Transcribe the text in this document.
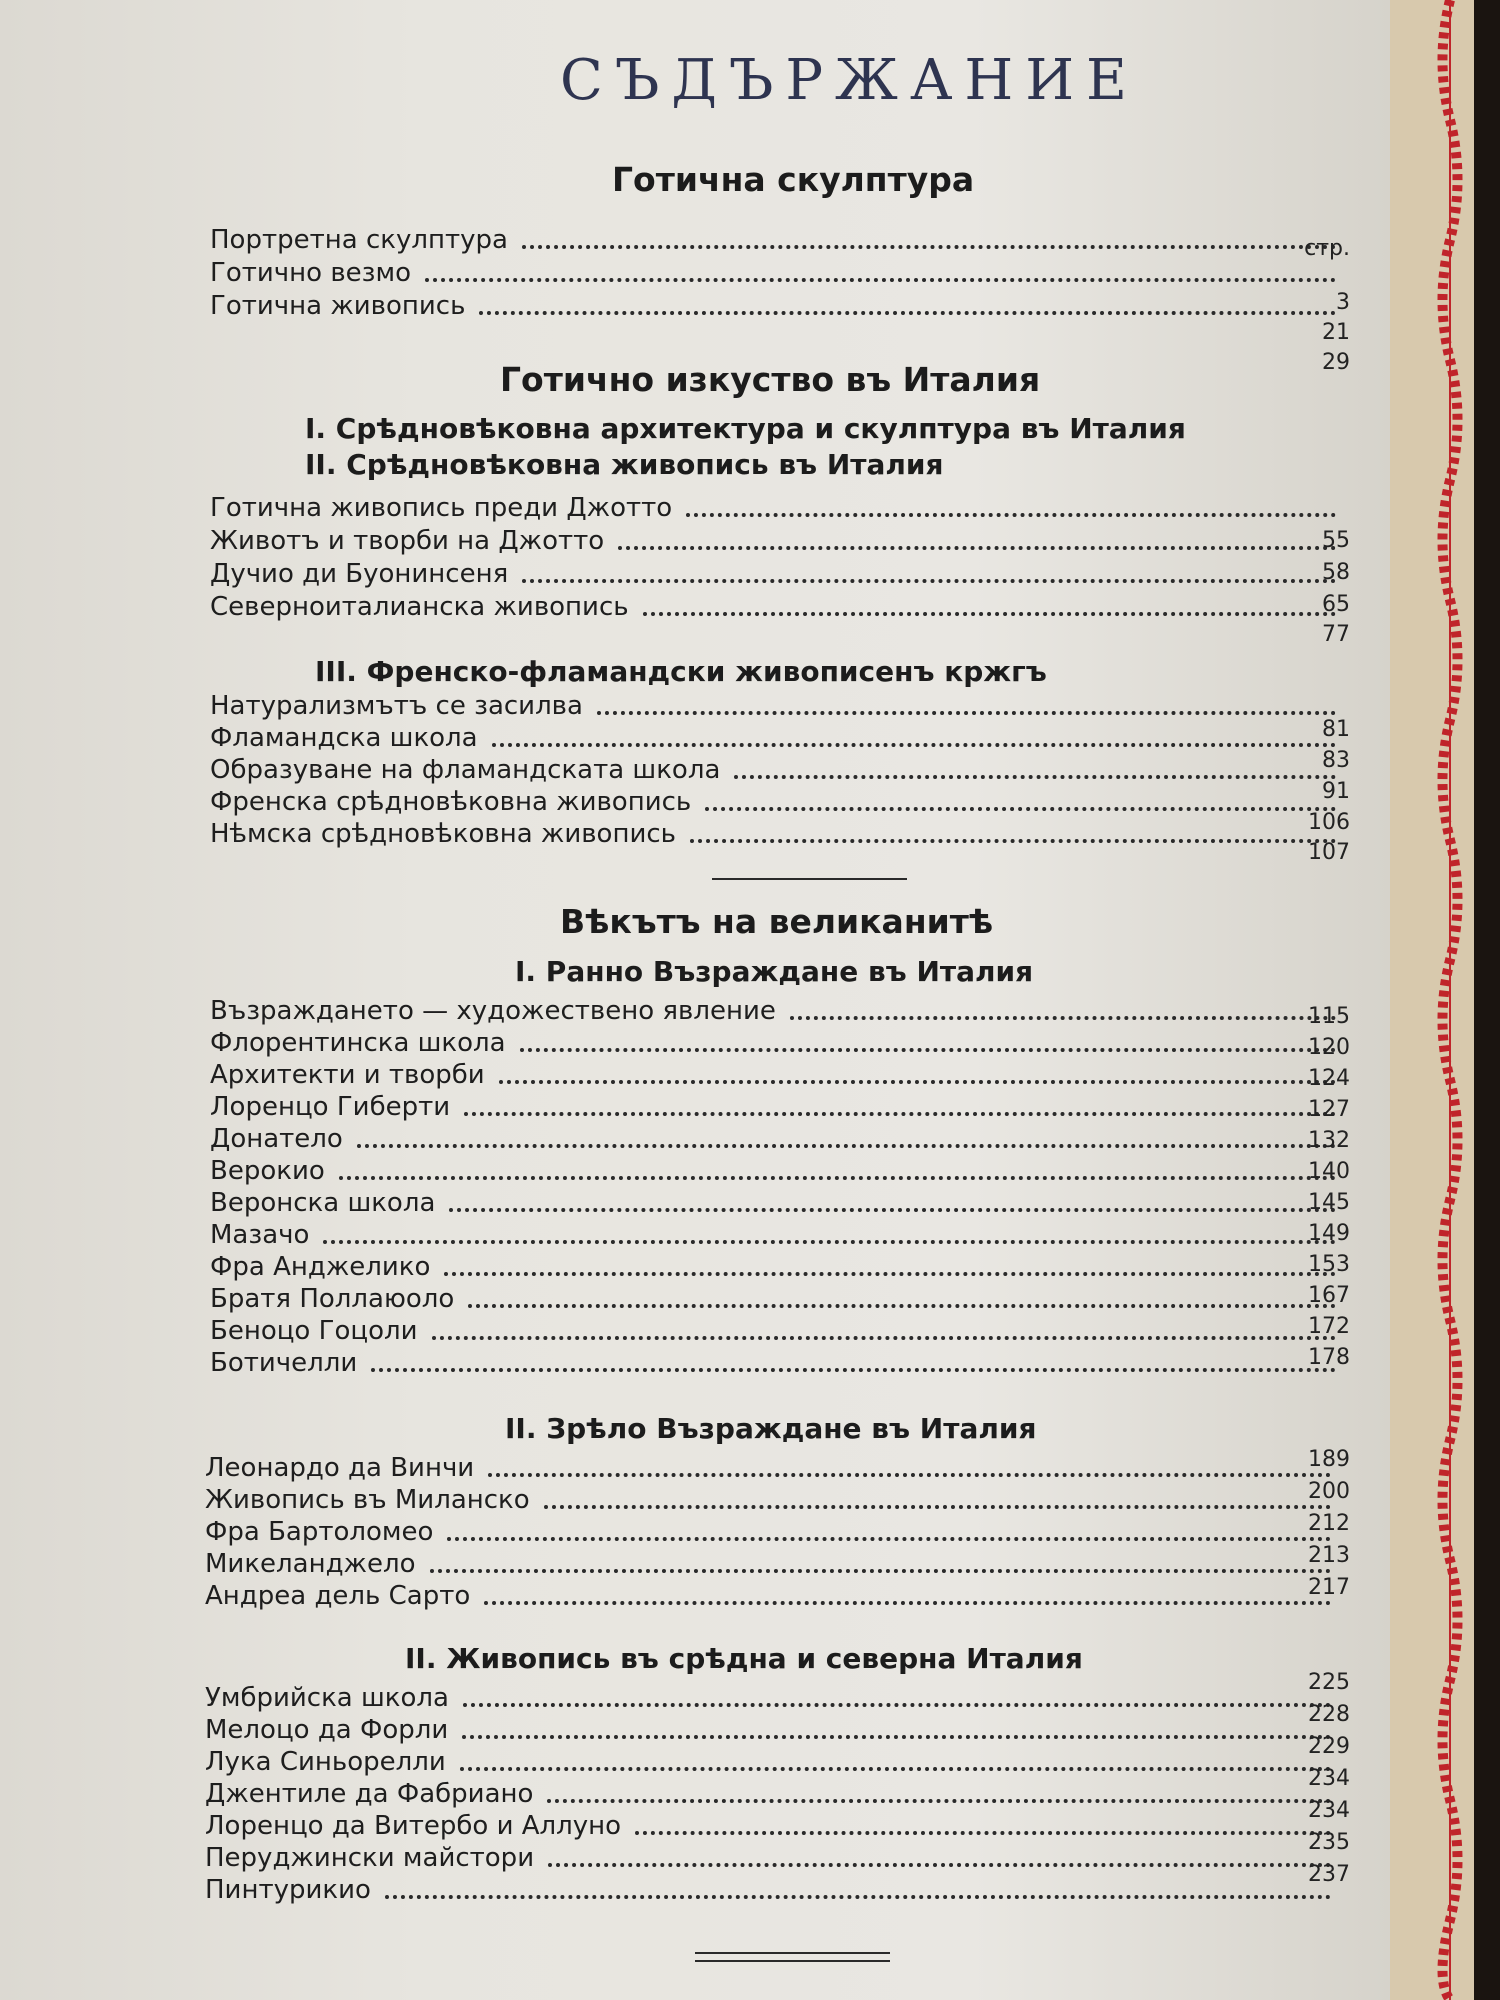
СЪДЪРЖАНИЕ
Готична скулптура
Портретна скулптура
Готично везмо
Готична живопись
стр.
3
21
29
Готично изкуство въ Италия
I. Срѣдновѣковна архитектура и скулптура въ Италия
II. Срѣдновѣковна живопись въ Италия
Готична живопись преди Джотто
Животъ и творби на Джотто
Дучио ди Буонинсеня
Северноиталианска живопись
55
58
65
77
III. Френско-фламандски живописенъ кржгъ
Натурализмътъ се засилва
Фламандска школа
Образуване на фламандската школа
Френска срѣдновѣковна живопись
Нѣмска срѣдновѣковна живопись
81
83
91
106
107
Вѣкътъ на великанитѣ
I. Ранно Възраждане въ Италия
Възраждането — художествено явление
Флорентинска школа
Архитекти и творби
Лоренцо Гиберти
Донатело
Верокио
Веронска школа
Мазачо
Фра Анджелико
Братя Поллаюоло
Беноцо Гоцоли
Ботичелли
115
120
124
127
132
140
145
149
153
167
172
178
II. Зрѣло Възраждане въ Италия
Леонардо да Винчи
Живопись въ Миланско
Фра Бартоломео
Микеланджело
Андреа дель Сарто
189
200
212
213
217
II. Живопись въ срѣдна и северна Италия
Умбрийска школа
Мелоцо да Форли
Лука Синьорелли
Джентиле да Фабриано
Лоренцо да Витербо и Аллуно
Перуджински майстори
Пинтурикио
225
228
229
234
234
235
237
